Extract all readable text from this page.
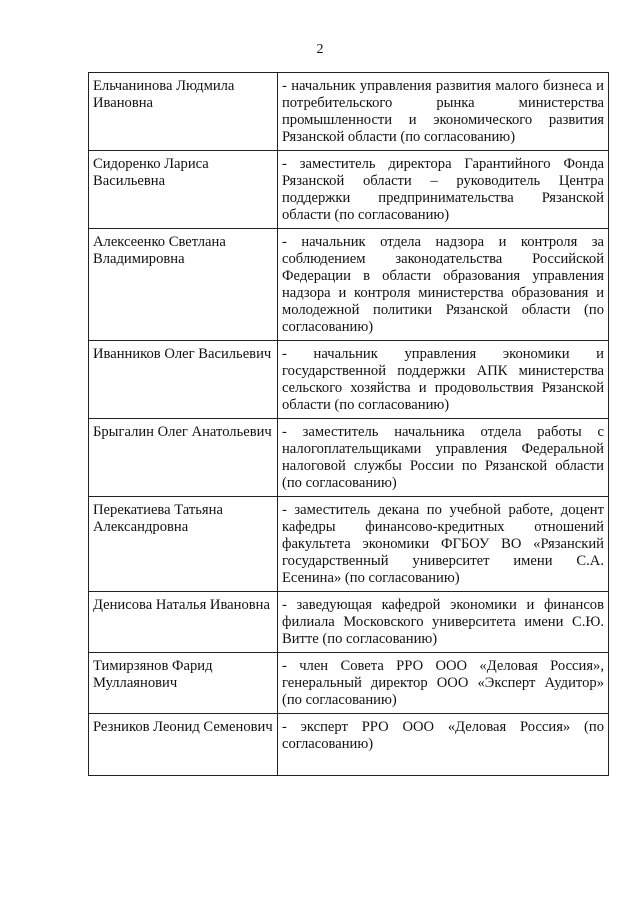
2
Ельчанинова Людмила Ивановна	- начальник управления развития малого бизнеса и потребительского рынка министерства промышленности и экономического развития Рязанской области (по согласованию)
Сидоренко Лариса Васильевна	- заместитель директора Гарантийного Фонда Рязанской области – руководитель Центра поддержки предпринимательства Рязанской области (по согласованию)
Алексеенко Светлана Владимировна	- начальник отдела надзора и контроля за соблюдением законодательства Российской Федерации в области образования управления надзора и контроля министерства образования и молодежной политики Рязанской области (по согласованию)
Иванников Олег Васильевич	- начальник управления экономики и государственной поддержки АПК министерства сельского хозяйства и продовольствия Рязанской области (по согласованию)
Брыгалин Олег Анатольевич	- заместитель начальника отдела работы с налогоплательщиками управления Федеральной налоговой службы России по Рязанской области (по согласованию)
Перекатиева Татьяна Александровна	- заместитель декана по учебной работе, доцент кафедры финансово-кредитных отношений факультета экономики ФГБОУ ВО «Рязанский государственный университет имени С.А. Есенина» (по согласованию)
Денисова Наталья Ивановна	- заведующая кафедрой экономики и финансов филиала Московского университета имени С.Ю. Витте (по согласованию)
Тимирзянов Фарид Муллаянович	- член Совета РРО ООО «Деловая Россия», генеральный директор ООО «Эксперт Аудитор» (по согласованию)
Резников Леонид Семенович	- эксперт РРО ООО «Деловая Россия» (по согласованию)
